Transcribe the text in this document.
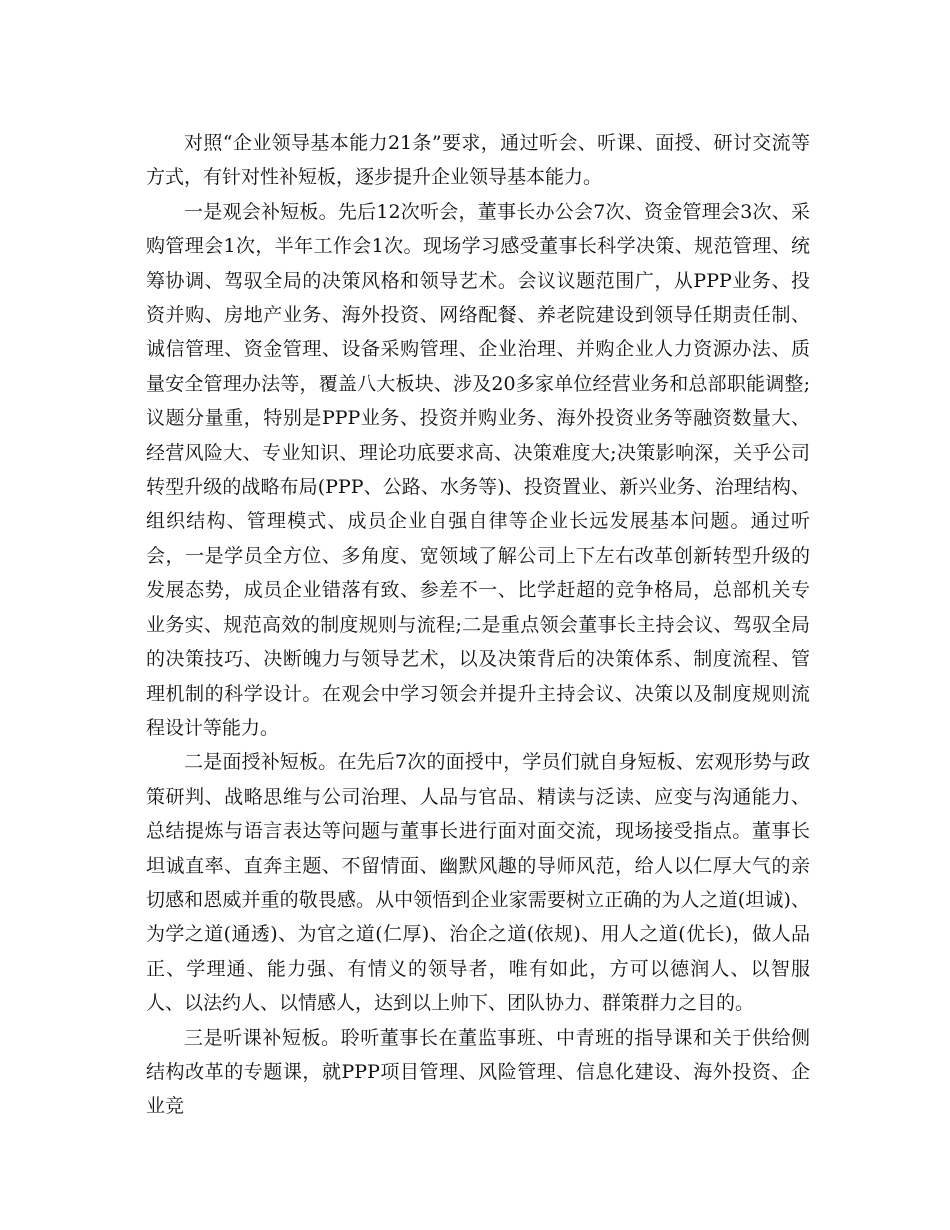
对照“企业领导基本能力21条”要求，通过听会、听课、面授、研讨交流等方式，有针对性补短板，逐步提升企业领导基本能力。

一是观会补短板。先后12次听会，董事长办公会7次、资金管理会3次、采购管理会1次，半年工作会1次。现场学习感受董事长科学决策、规范管理、统筹协调、驾驭全局的决策风格和领导艺术。会议议题范围广，从PPP业务、投资并购、房地产业务、海外投资、网络配餐、养老院建设到领导任期责任制、诚信管理、资金管理、设备采购管理、企业治理、并购企业人力资源办法、质量安全管理办法等，覆盖八大板块、涉及20多家单位经营业务和总部职能调整;议题分量重，特别是PPP业务、投资并购业务、海外投资业务等融资数量大、经营风险大、专业知识、理论功底要求高、决策难度大;决策影响深，关乎公司转型升级的战略布局(PPP、公路、水务等)、投资置业、新兴业务、治理结构、组织结构、管理模式、成员企业自强自律等企业长远发展基本问题。通过听会，一是学员全方位、多角度、宽领域了解公司上下左右改革创新转型升级的发展态势，成员企业错落有致、参差不一、比学赶超的竞争格局，总部机关专业务实、规范高效的制度规则与流程;二是重点领会董事长主持会议、驾驭全局的决策技巧、决断魄力与领导艺术，以及决策背后的决策体系、制度流程、管理机制的科学设计。在观会中学习领会并提升主持会议、决策以及制度规则流程设计等能力。

二是面授补短板。在先后7次的面授中，学员们就自身短板、宏观形势与政策研判、战略思维与公司治理、人品与官品、精读与泛读、应变与沟通能力、总结提炼与语言表达等问题与董事长进行面对面交流，现场接受指点。董事长坦诚直率、直奔主题、不留情面、幽默风趣的导师风范，给人以仁厚大气的亲切感和恩威并重的敬畏感。从中领悟到企业家需要树立正确的为人之道(坦诚)、为学之道(通透)、为官之道(仁厚)、治企之道(依规)、用人之道(优长)，做人品正、学理通、能力强、有情义的领导者，唯有如此，方可以德润人、以智服人、以法约人、以情感人，达到以上帅下、团队协力、群策群力之目的。

三是听课补短板。聆听董事长在董监事班、中青班的指导课和关于供给侧结构改革的专题课，就PPP项目管理、风险管理、信息化建设、海外投资、企业竞
